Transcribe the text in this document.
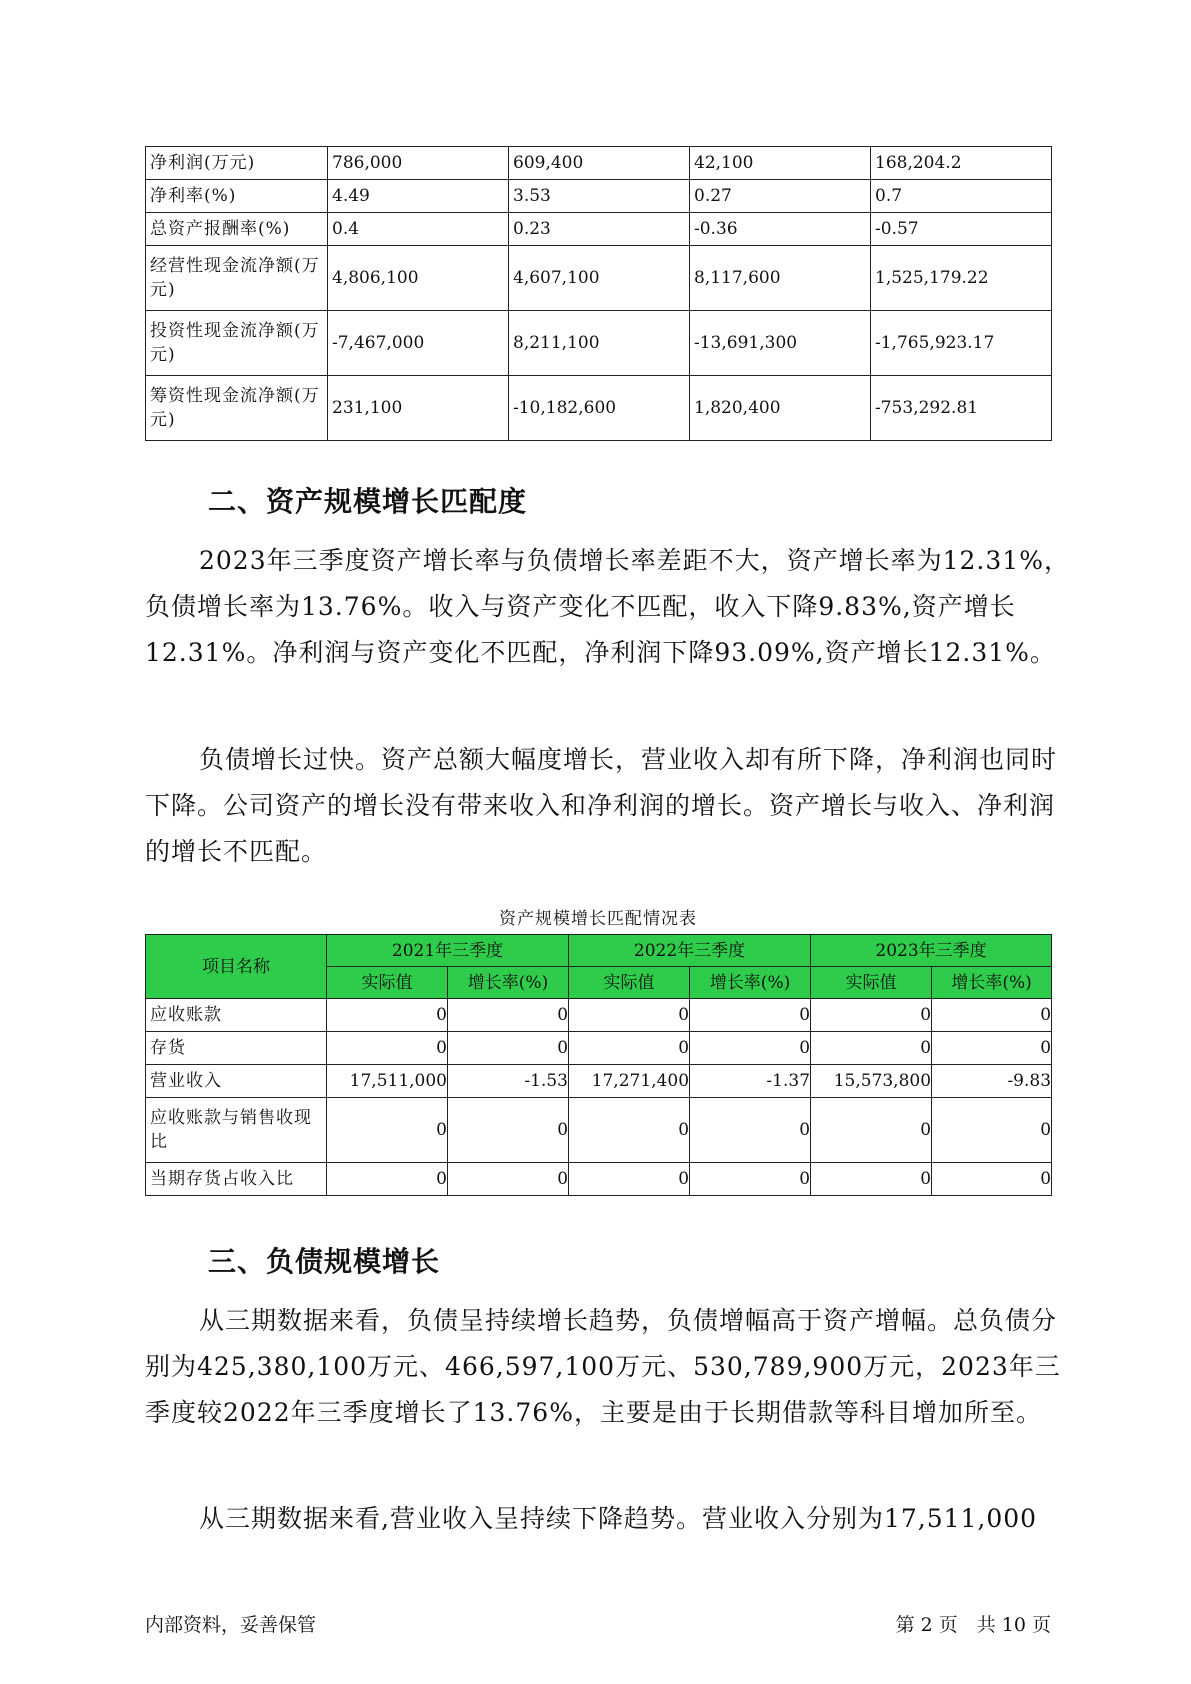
净利润(万元)	786,000	609,400	42,100	168,204.2
净利率(%)	4.49	3.53	0.27	0.7
总资产报酬率(%)	0.4	0.23	-0.36	-0.57
经营性现金流净额(万元)	4,806,100	4,607,100	8,117,600	1,525,179.22
投资性现金流净额(万元)	-7,467,000	8,211,100	-13,691,300	-1,765,923.17
筹资性现金流净额(万元)	231,100	-10,182,600	1,820,400	-753,292.81
二、资产规模增长匹配度

2023年三季度资产增长率与负债增长率差距不大，资产增长率为12.31%，负债增长率为13.76%。收入与资产变化不匹配，收入下降9.83%,资产增长12.31%。净利润与资产变化不匹配，净利润下降93.09%,资产增长12.31%。

负债增长过快。资产总额大幅度增长，营业收入却有所下降，净利润也同时下降。公司资产的增长没有带来收入和净利润的增长。资产增长与收入、净利润的增长不匹配。

资产规模增长匹配情况表
项目名称	2021年三季度		2022年三季度		2023年三季度	
	实际值	增长率(%)	实际值	增长率(%)	实际值	增长率(%)
应收账款	0	0	0	0	0	0
存货	0	0	0	0	0	0
营业收入	17,511,000	-1.53	17,271,400	-1.37	15,573,800	-9.83
应收账款与销售收现比	0	0	0	0	0	0
当期存货占收入比	0	0	0	0	0	0
三、负债规模增长

从三期数据来看，负债呈持续增长趋势，负债增幅高于资产增幅。总负债分别为425,380,100万元、466,597,100万元、530,789,900万元，2023年三季度较2022年三季度增长了13.76%，主要是由于长期借款等科目增加所至。

从三期数据来看,营业收入呈持续下降趋势。营业收入分别为17,511,000

内部资料，妥善保管	第 2 页　共 10 页
